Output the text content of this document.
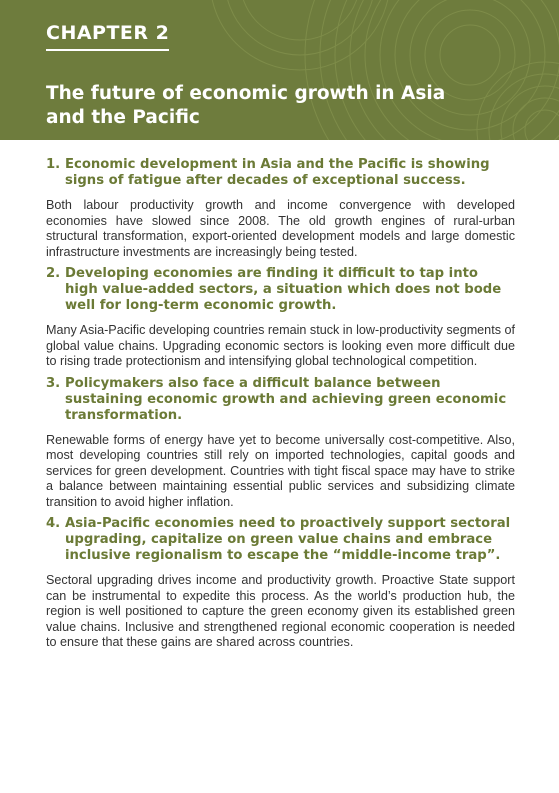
CHAPTER 2
The future of economic growth in Asia and the Pacific
1. Economic development in Asia and the Pacific is showing signs of fatigue after decades of exceptional success.

Both labour productivity growth and income convergence with developed economies have slowed since 2008. The old growth engines of rural-urban structural transformation, export-oriented development models and large domestic infrastructure investments are increasingly being tested.

2. Developing economies are finding it difficult to tap into high value-added sectors, a situation which does not bode well for long-term economic growth.

Many Asia-Pacific developing countries remain stuck in low-productivity segments of global value chains. Upgrading economic sectors is looking even more difficult due to rising trade protectionism and intensifying global technological competition.

3. Policymakers also face a difficult balance between sustaining economic growth and achieving green economic transformation.

Renewable forms of energy have yet to become universally cost-competitive. Also, most developing countries still rely on imported technologies, capital goods and services for green development. Countries with tight fiscal space may have to strike a balance between maintaining essential public services and subsidizing climate transition to avoid higher inflation.

4. Asia-Pacific economies need to proactively support sectoral upgrading, capitalize on green value chains and embrace inclusive regionalism to escape the “middle-income trap”.

Sectoral upgrading drives income and productivity growth. Proactive State support can be instrumental to expedite this process. As the world’s production hub, the region is well positioned to capture the green economy given its established green value chains. Inclusive and strengthened regional economic cooperation is needed to ensure that these gains are shared across countries.
